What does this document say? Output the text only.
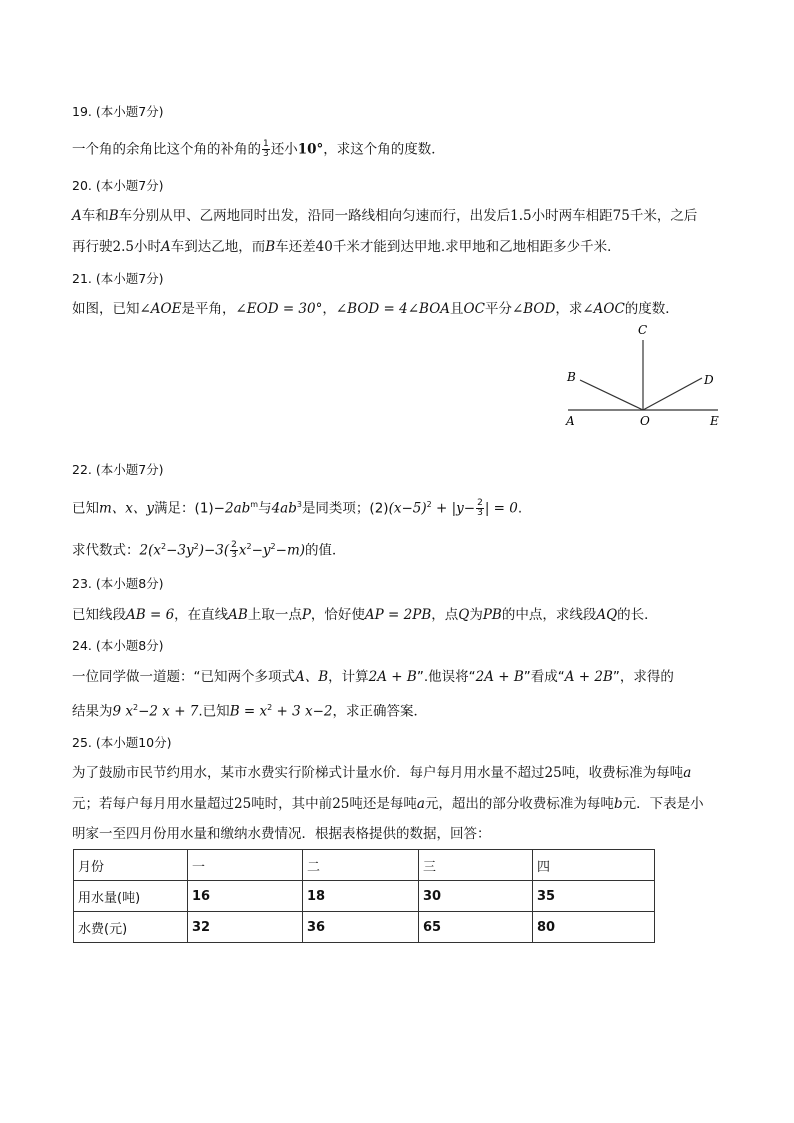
19. (本小题7分)
一个角的余角比这个角的补角的 $\frac{1}{3}$ 还小10°，求这个角的度数．
20. (本小题7分)
A车和B车分别从甲、乙两地同时出发，沿同一路线相向匀速而行，出发后1.5小时两车相距75千米，之后
再行驶2.5小时A车到达乙地，而B车还差40千米才能到达甲地.求甲地和乙地相距多少千米．
21. (本小题7分)
如图，已知∠AOE是平角，∠EOD = 30°，∠BOD = 4∠BOA且OC平分∠BOD，求∠AOC的度数．
C
B	D
A	O	E
22. (本小题7分)
已知m、x、y满足：$(1)-2ab^m$与$4ab^3$是同类项；$(2)(x-5)^2 + |y- \frac{2}{3}$ | = 0.
求代数式：$2(x^2-3y^2)-3( \frac{2}{3} x^2-y^2-m)$的值．
23. (本小题8分)
已知线段AB = 6，在直线AB上取一点P，恰好使AP = 2PB，点Q为PB的中点，求线段AQ的长．
24. (本小题8分)
一位同学做一道题：“已知两个多项式A、B，计算2A + B”.他误将“2A + B”看成“A + 2B”，求得的
结果为9 $x^2-2$ x + 7.已知$B = x^2 + 3$ x−2，求正确答案．
25. (本小题10分)
为了鼓励市民节约用水，某市水费实行阶梯式计量水价．每户每月用水量不超过25吨，收费标准为每吨a
元；若每户每月用水量超过25吨时，其中前25吨还是每吨a元，超出的部分收费标准为每吨b元．下表是小
明家一至四月份用水量和缴纳水费情况．根据表格提供的数据，回答：
月份	一	二	三	四
用水量(吨)	16	18	30	35
水费(元)	32	36	65	80
